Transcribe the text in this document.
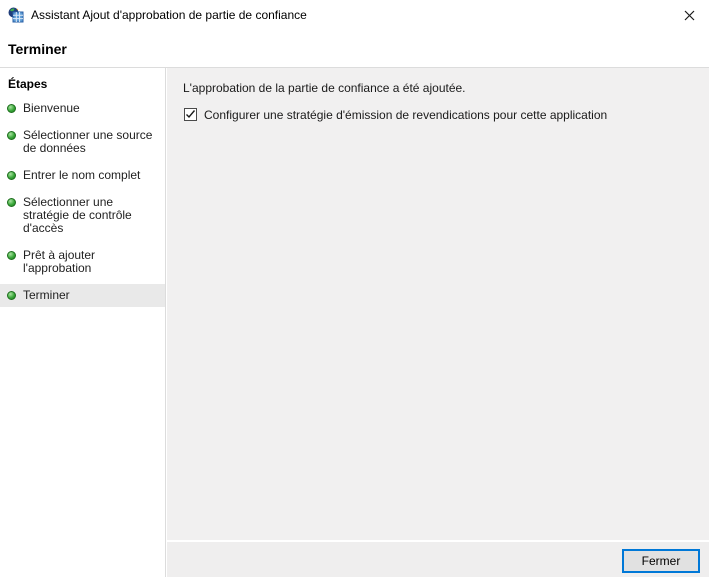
Assistant Ajout d'approbation de partie de confiance
Terminer
Étapes
Bienvenue
Sélectionner une source de données
Entrer le nom complet
Sélectionner une stratégie de contrôle d'accès
Prêt à ajouter l'approbation
Terminer
L'approbation de la partie de confiance a été ajoutée.
Configurer une stratégie d'émission de revendications pour cette application
Fermer
